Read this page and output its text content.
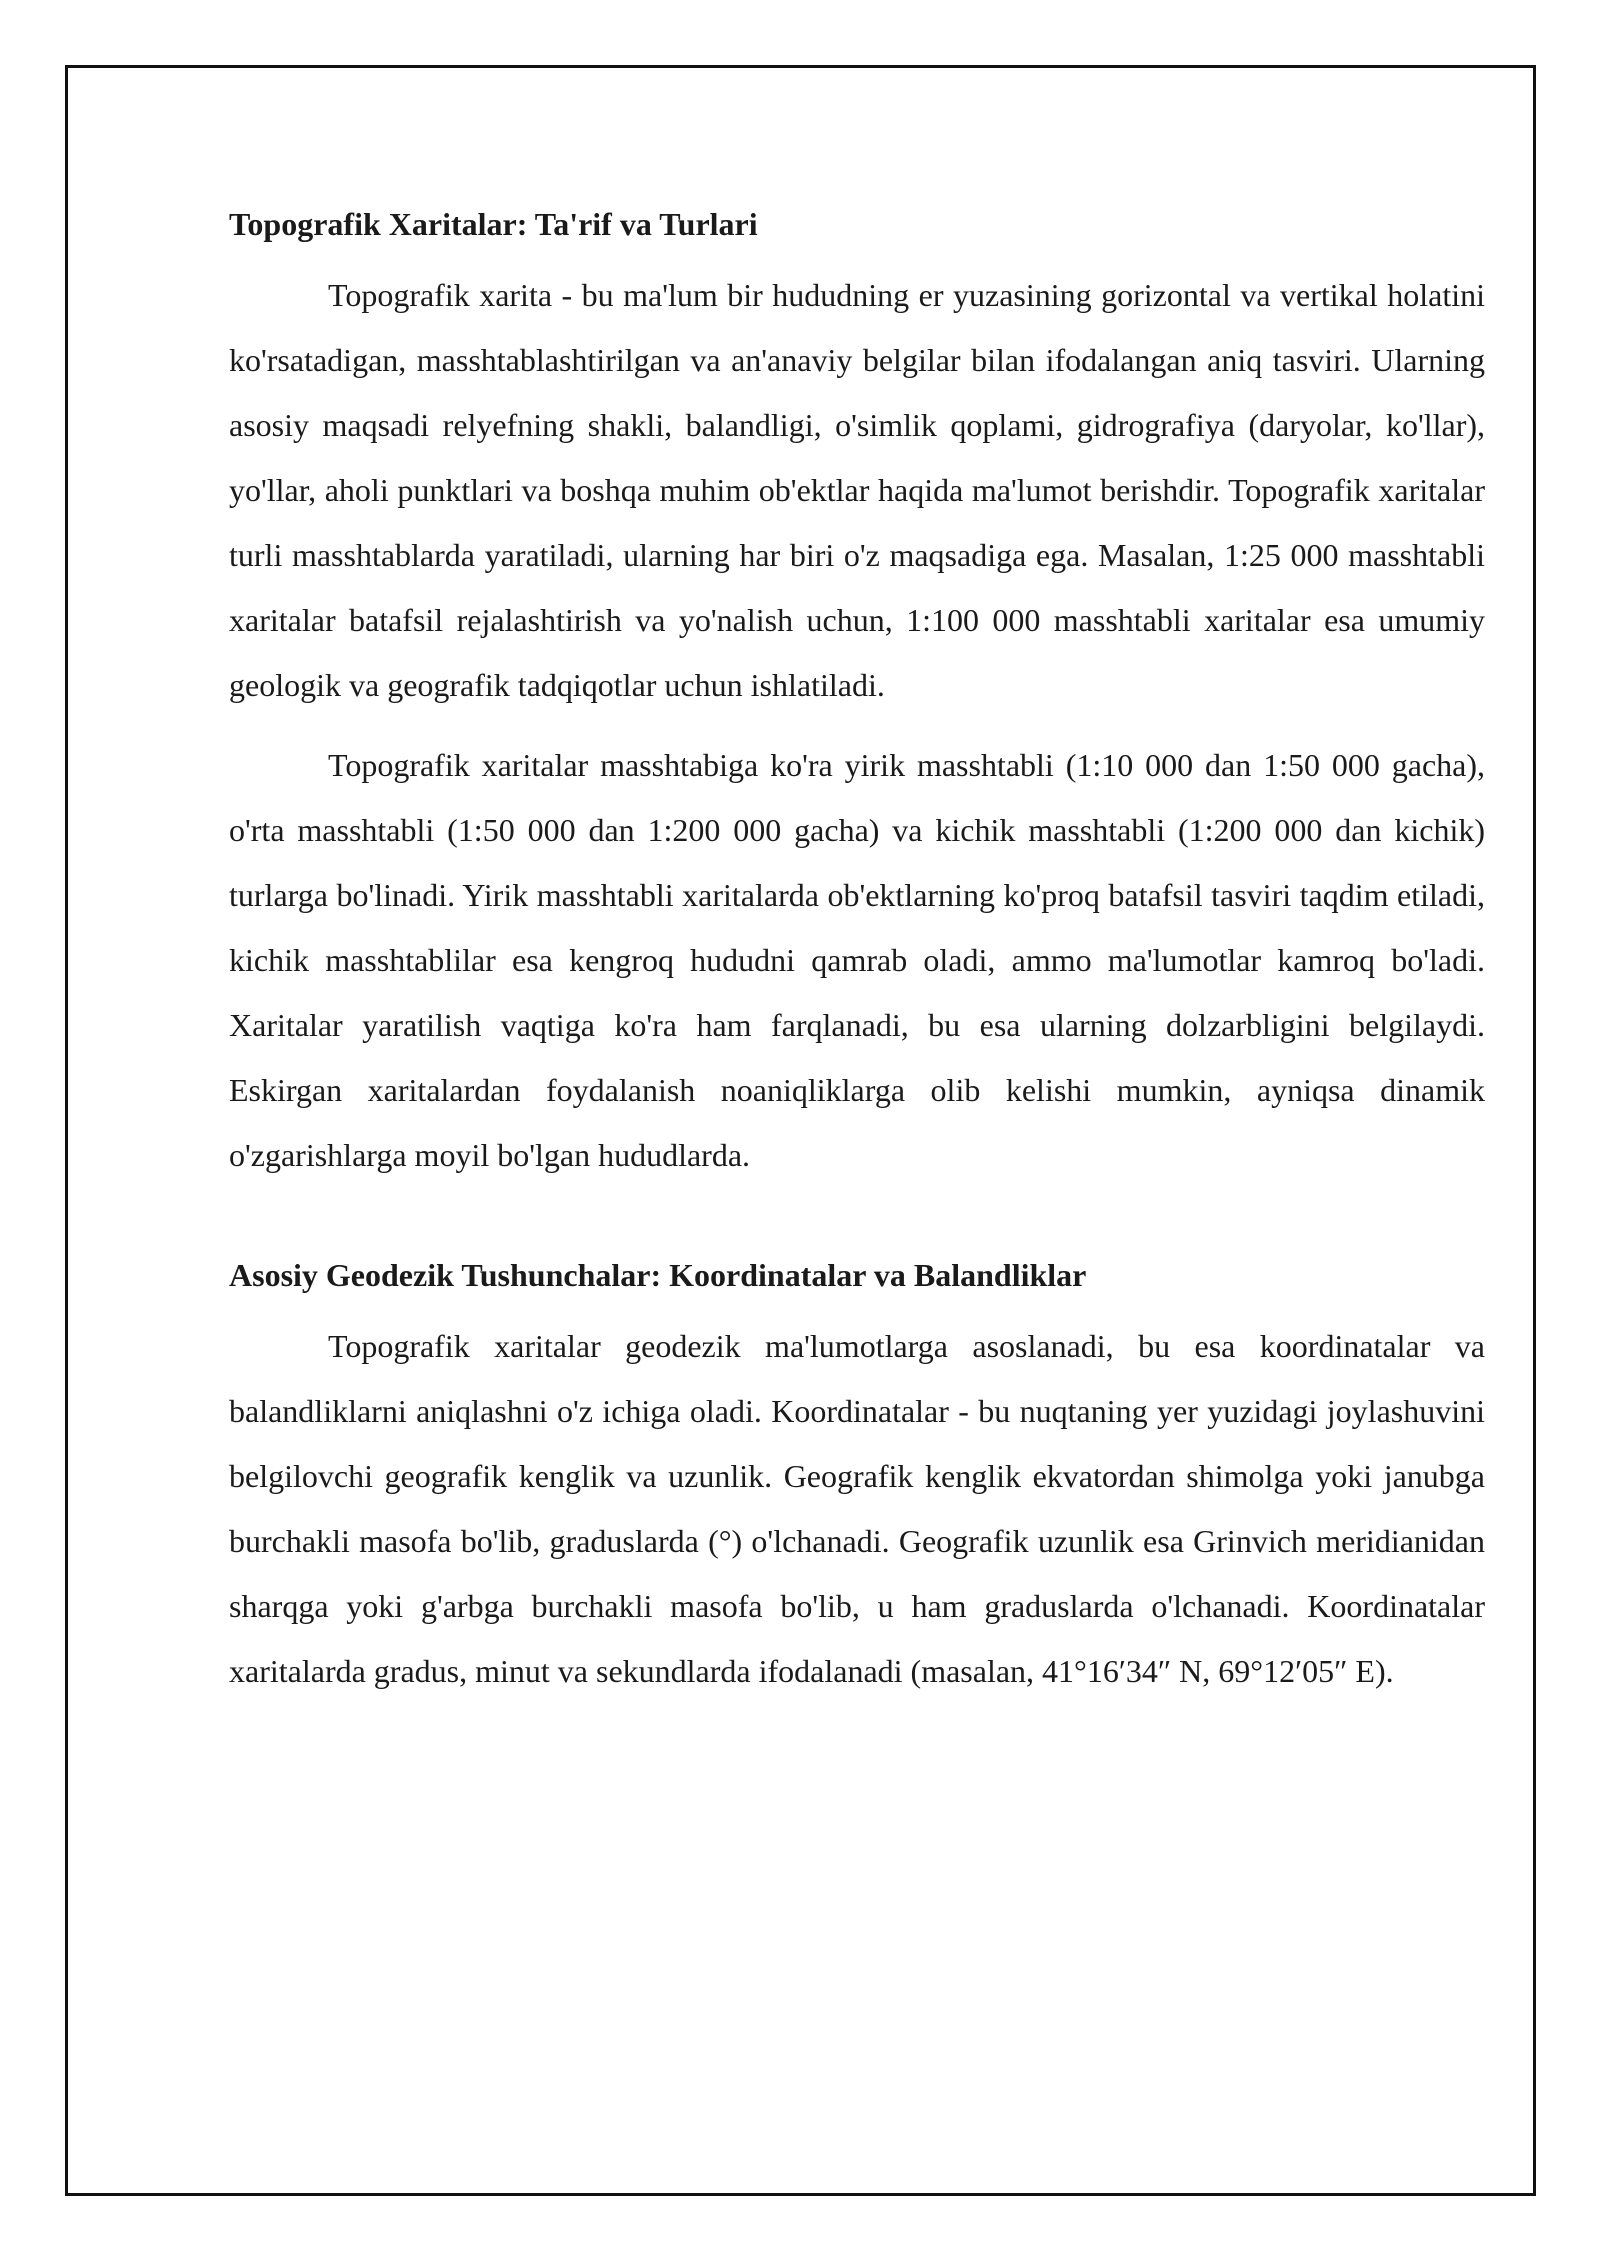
Topografik Xaritalar: Ta'rif va Turlari

Topografik xarita - bu ma'lum bir hududning er yuzasining gorizontal va vertikal holatini ko'rsatadigan, masshtablashtirilgan va an'anaviy belgilar bilan ifodalangan aniq tasviri. Ularning asosiy maqsadi relyefning shakli, balandligi, o'simlik qoplami, gidrografiya (daryolar, ko'llar), yo'llar, aholi punktlari va boshqa muhim ob'ektlar haqida ma'lumot berishdir. Topografik xaritalar turli masshtablarda yaratiladi, ularning har biri o'z maqsadiga ega. Masalan, 1:25 000 masshtabli xaritalar batafsil rejalashtirish va yo'nalish uchun, 1:100 000 masshtabli xaritalar esa umumiy geologik va geografik tadqiqotlar uchun ishlatiladi.

Topografik xaritalar masshtabiga ko'ra yirik masshtabli (1:10 000 dan 1:50 000 gacha), o'rta masshtabli (1:50 000 dan 1:200 000 gacha) va kichik masshtabli (1:200 000 dan kichik) turlarga bo'linadi. Yirik masshtabli xaritalarda ob'ektlarning ko'proq batafsil tasviri taqdim etiladi, kichik masshtablilar esa kengroq hududni qamrab oladi, ammo ma'lumotlar kamroq bo'ladi. Xaritalar yaratilish vaqtiga ko'ra ham farqlanadi, bu esa ularning dolzarbligini belgilaydi. Eskirgan xaritalardan foydalanish noaniqliklarga olib kelishi mumkin, ayniqsa dinamik o'zgarishlarga moyil bo'lgan hududlarda.

Asosiy Geodezik Tushunchalar: Koordinatalar va Balandliklar

Topografik xaritalar geodezik ma'lumotlarga asoslanadi, bu esa koordinatalar va balandliklarni aniqlashni o'z ichiga oladi. Koordinatalar - bu nuqtaning yer yuzidagi joylashuvini belgilovchi geografik kenglik va uzunlik. Geografik kenglik ekvatordan shimolga yoki janubga burchakli masofa bo'lib, graduslarda (°) o'lchanadi. Geografik uzunlik esa Grinvich meridianidan sharqga yoki g'arbga burchakli masofa bo'lib, u ham graduslarda o'lchanadi. Koordinatalar xaritalarda gradus, minut va sekundlarda ifodalanadi (masalan, 41°16′34″ N, 69°12′05″ E).
